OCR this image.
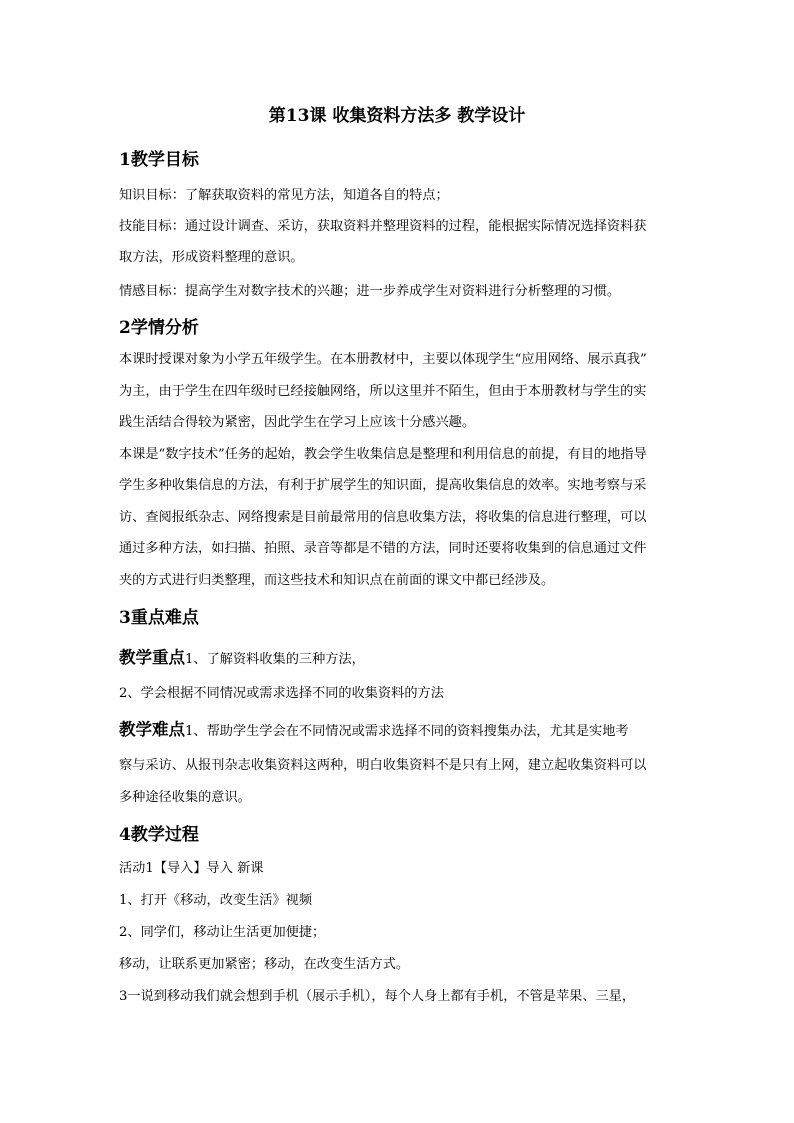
第13课 收集资料方法多 教学设计
1教学目标
知识目标：了解获取资料的常见方法，知道各自的特点；
技能目标：通过设计调查、采访，获取资料并整理资料的过程，能根据实际情况选择资料获
取方法，形成资料整理的意识。
情感目标：提高学生对数字技术的兴趣；进一步养成学生对资料进行分析整理的习惯。
2学情分析
本课时授课对象为小学五年级学生。在本册教材中，主要以体现学生“应用网络、展示真我”
为主，由于学生在四年级时已经接触网络，所以这里并不陌生，但由于本册教材与学生的实
践生活结合得较为紧密，因此学生在学习上应该十分感兴趣。
本课是“数字技术”任务的起始，教会学生收集信息是整理和利用信息的前提，有目的地指导
学生多种收集信息的方法，有利于扩展学生的知识面，提高收集信息的效率。实地考察与采
访、查阅报纸杂志、网络搜索是目前最常用的信息收集方法，将收集的信息进行整理，可以
通过多种方法，如扫描、拍照、录音等都是不错的方法，同时还要将收集到的信息通过文件
夹的方式进行归类整理，而这些技术和知识点在前面的课文中都已经涉及。
3重点难点
教学重点1、了解资料收集的三种方法，
2、学会根据不同情况或需求选择不同的收集资料的方法
教学难点1、帮助学生学会在不同情况或需求选择不同的资料搜集办法，尤其是实地考
察与采访、从报刊杂志收集资料这两种，明白收集资料不是只有上网，建立起收集资料可以
多种途径收集的意识。
4教学过程
活动1【导入】导入 新课
1、打开《移动，改变生活》视频
2、同学们，移动让生活更加便捷；
移动，让联系更加紧密；移动，在改变生活方式。
3一说到移动我们就会想到手机（展示手机），每个人身上都有手机，不管是苹果、三星，
